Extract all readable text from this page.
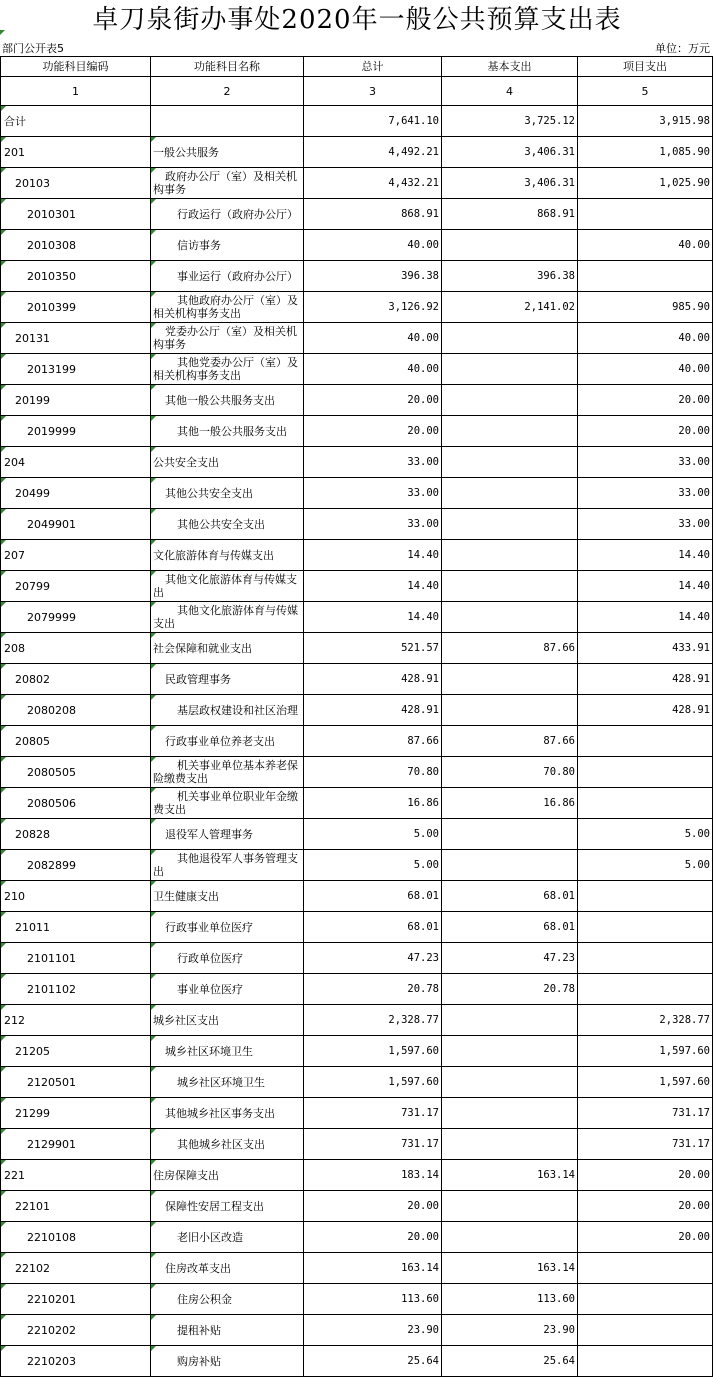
卓刀泉街办事处2020年一般公共预算支出表
部门公开表5	单位：万元
功能科目编码	功能科目名称	总计	基本支出	项目支出
1	2	3	4	5

合计		7,641.10	3,725.12	3,915.98

201	一般公共服务	4,492.21	3,406.31	1,085.90

20103	政府办公厅（室）及相关机构事务	4,432.21	3,406.31	1,025.90

2010301	行政运行（政府办公厅）	868.91	868.91	

2010308	信访事务	40.00		40.00

2010350	事业运行（政府办公厅）	396.38	396.38	

2010399	其他政府办公厅（室）及相关机构事务支出	3,126.92	2,141.02	985.90

20131	党委办公厅（室）及相关机构事务	40.00		40.00

2013199	其他党委办公厅（室）及相关机构事务支出	40.00		40.00

20199	其他一般公共服务支出	20.00		20.00

2019999	其他一般公共服务支出	20.00		20.00

204	公共安全支出	33.00		33.00

20499	其他公共安全支出	33.00		33.00

2049901	其他公共安全支出	33.00		33.00

207	文化旅游体育与传媒支出	14.40		14.40

20799	其他文化旅游体育与传媒支出	14.40		14.40

2079999	其他文化旅游体育与传媒支出	14.40		14.40

208	社会保障和就业支出	521.57	87.66	433.91

20802	民政管理事务	428.91		428.91

2080208	基层政权建设和社区治理	428.91		428.91

20805	行政事业单位养老支出	87.66	87.66	

2080505	机关事业单位基本养老保险缴费支出	70.80	70.80	

2080506	机关事业单位职业年金缴费支出	16.86	16.86	

20828	退役军人管理事务	5.00		5.00

2082899	其他退役军人事务管理支出	5.00		5.00

210	卫生健康支出	68.01	68.01	

21011	行政事业单位医疗	68.01	68.01	

2101101	行政单位医疗	47.23	47.23	

2101102	事业单位医疗	20.78	20.78	

212	城乡社区支出	2,328.77		2,328.77

21205	城乡社区环境卫生	1,597.60		1,597.60

2120501	城乡社区环境卫生	1,597.60		1,597.60

21299	其他城乡社区事务支出	731.17		731.17

2129901	其他城乡社区支出	731.17		731.17

221	住房保障支出	183.14	163.14	20.00

22101	保障性安居工程支出	20.00		20.00

2210108	老旧小区改造	20.00		20.00

22102	住房改革支出	163.14	163.14	

2210201	住房公积金	113.60	113.60	

2210202	提租补贴	23.90	23.90	

2210203	购房补贴	25.64	25.64	
